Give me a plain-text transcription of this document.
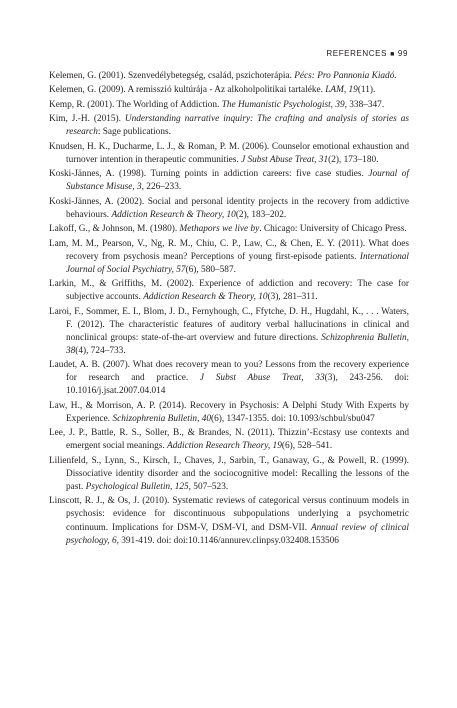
REFERENCES ■ 99
Kelemen, G. (2001). Szenvedélybetegség, család, pszichoterápia. Pécs: Pro Pannonia Kiadó.
Kelemen, G. (2009). A remisszió kultúrája - Az alkoholpolitikai tartaléke. LAM, 19(11).
Kemp, R. (2001). The Worlding of Addiction. The Humanistic Psychologist, 39, 338–347.
Kim, J.-H. (2015). Understanding narrative inquiry: The crafting and analysis of stories as research: Sage publications.
Knudsen, H. K., Ducharme, L. J., & Roman, P. M. (2006). Counselor emotional exhaustion and turnover intention in therapeutic communities. J Subst Abuse Treat, 31(2), 173–180.
Koski-Jännes, A. (1998). Turning points in addiction careers: five case studies. Journal of Substance Misuse, 3, 226–233.
Koski-Jännes, A. (2002). Social and personal identity projects in the recovery from addictive behaviours. Addiction Research & Theory, 10(2), 183–202.
Lakoff, G., & Johnson, M. (1980). Methapors we live by. Chicago: University of Chicago Press.
Lam, M. M., Pearson, V., Ng, R. M., Chiu, C. P., Law, C., & Chen, E. Y. (2011). What does recovery from psychosis mean? Perceptions of young first-episode patients. International Journal of Social Psychiatry, 57(6), 580–587.
Larkin, M., & Griffiths, M. (2002). Experience of addiction and recovery: The case for subjective accounts. Addiction Research & Theory, 10(3), 281–311.
Laroi, F., Sommer, E. I., Blom, J. D., Fernyhough, C., Ffytche, D. H., Hugdahl, K., . . . Waters, F. (2012). The characteristic features of auditory verbal hallucinations in clinical and nonclinical groups: state-of-the-art overview and future directions. Schizophrenia Bulletin, 38(4), 724–733.
Laudet, A. B. (2007). What does recovery mean to you? Lessons from the recovery experience for research and practice. J Subst Abuse Treat, 33(3), 243-256. doi: 10.1016/j.jsat.2007.04.014
Law, H., & Morrison, A. P. (2014). Recovery in Psychosis: A Delphi Study With Experts by Experience. Schizophrenia Bulletin, 40(6), 1347-1355. doi: 10.1093/schbul/sbu047
Lee, J. P., Battle, R. S., Soller, B., & Brandes, N. (2011). Thizzin’-Ecstasy use contexts and emergent social meanings. Addiction Research Theory, 19(6), 528–541.
Lilienfeld, S., Lynn, S., Kirsch, I., Chaves, J., Sarbin, T., Ganaway, G., & Powell, R. (1999). Dissociative identity disorder and the sociocognitive model: Recalling the lessons of the past. Psychological Bulletin, 125, 507–523.
Linscott, R. J., & Os, J. (2010). Systematic reviews of categorical versus continuum models in psychosis: evidence for discontinuous subpopulations underlying a psychometric continuum. Implications for DSM-V, DSM-VI, and DSM-VII. Annual review of clinical psychology, 6, 391-419. doi: doi:10.1146/annurev.clinpsy.032408.153506
